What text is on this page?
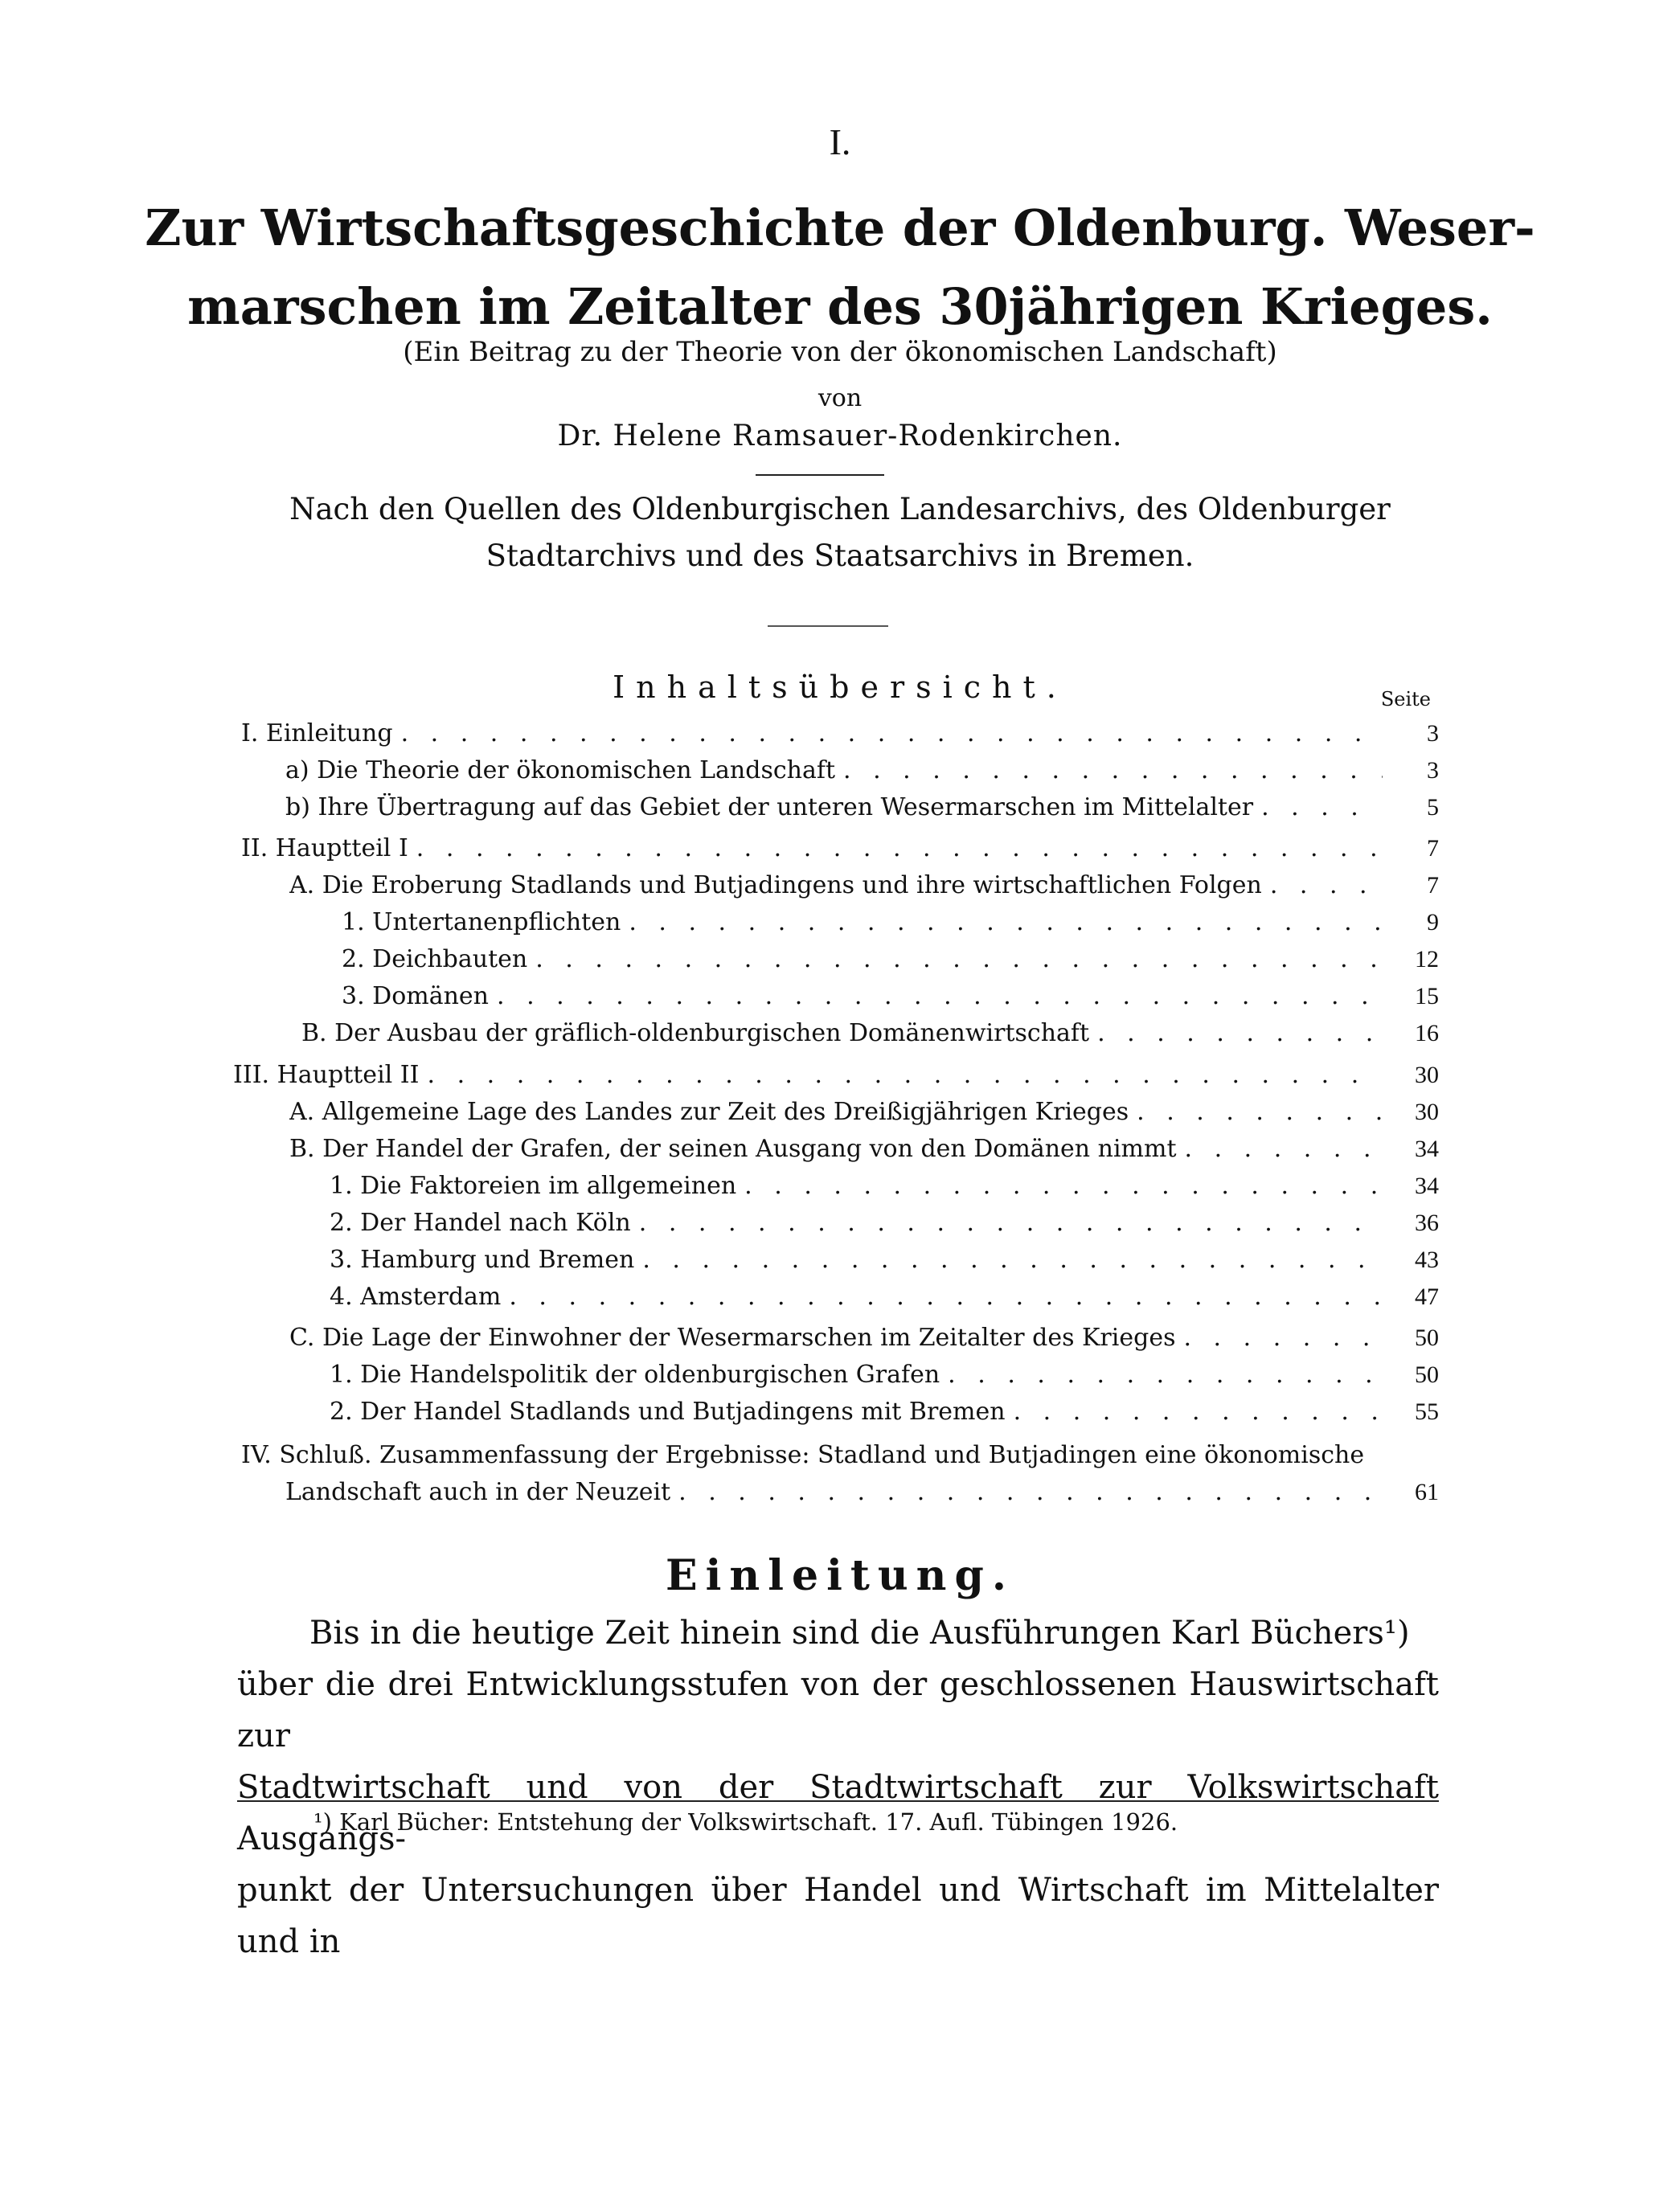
I.
Zur Wirtschaftsgeschichte der Oldenburg. Weser-
marschen im Zeitalter des 30jährigen Krieges.
(Ein Beitrag zu der Theorie von der ökonomischen Landschaft)
von
Dr. Helene Ramsauer-Rodenkirchen.
Nach den Quellen des Oldenburgischen Landesarchivs, des Oldenburger
Stadtarchivs und des Staatsarchivs in Bremen.
Inhaltsübersicht.	Seite
I. Einleitung . . .	3
a) Die Theorie der ökonomischen Landschaft . . .	3
b) Ihre Übertragung auf das Gebiet der unteren Wesermarschen im Mittelalter . . .	5
II. Hauptteil I . . .	7
A. Die Eroberung Stadlands und Butjadingens und ihre wirtschaftlichen Folgen . . .	7
1. Untertanenpflichten . . .	9
2. Deichbauten . . .	12
3. Domänen . . .	15
B. Der Ausbau der gräflich-oldenburgischen Domänenwirtschaft . . .	16
III. Hauptteil II . . .	30
A. Allgemeine Lage des Landes zur Zeit des Dreißigjährigen Krieges . . .	30
B. Der Handel der Grafen, der seinen Ausgang von den Domänen nimmt . . .	34
1. Die Faktoreien im allgemeinen . . .	34
2. Der Handel nach Köln . . .	36
3. Hamburg und Bremen . . .	43
4. Amsterdam . . .	47
C. Die Lage der Einwohner der Wesermarschen im Zeitalter des Krieges . . .	50
1. Die Handelspolitik der oldenburgischen Grafen . . .	50
2. Der Handel Stadlands und Butjadingens mit Bremen . . .	55
IV. Schluß. Zusammenfassung der Ergebnisse: Stadland und Butjadingen eine ökonomische
Landschaft auch in der Neuzeit . . .	61
Einleitung.
Bis in die heutige Zeit hinein sind die Ausführungen Karl Büchers¹)
über die drei Entwicklungsstufen von der geschlossenen Hauswirtschaft zur
Stadtwirtschaft und von der Stadtwirtschaft zur Volkswirtschaft Ausgangs-
punkt der Untersuchungen über Handel und Wirtschaft im Mittelalter und in
¹) Karl Bücher: Entstehung der Volkswirtschaft. 17. Aufl. Tübingen 1926.
